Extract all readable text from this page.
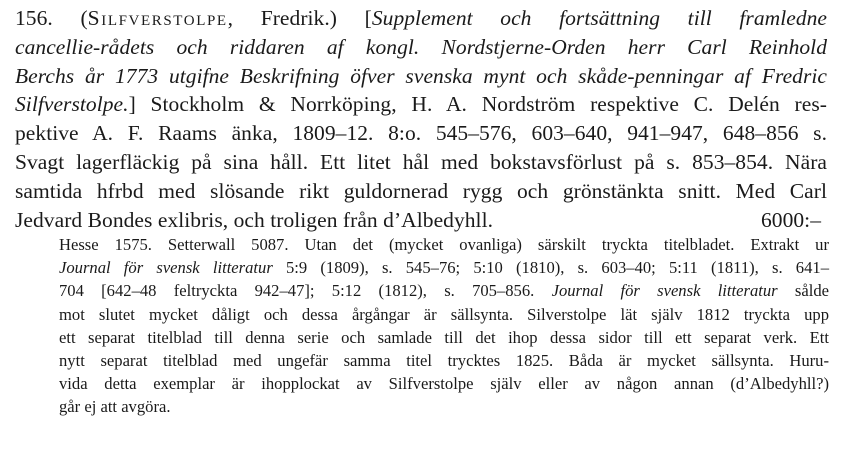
156. (Silfverstolpe, Fredrik.) [Supplement och fortsättning till framledne
cancellie-rådets och riddaren af kongl. Nordstjerne-Orden herr Carl Reinhold
Berchs år 1773 utgifne Beskrifning öfver svenska mynt och skåde-penningar af Fredric
Silfverstolpe.] Stockholm & Norrköping, H. A. Nordström respektive C. Delén res-
pektive A. F. Raams änka, 1809–12. 8:o. 545–576, 603–640, 941–947, 648–856 s.
Svagt lagerfläckig på sina håll. Ett litet hål med bokstavsförlust på s. 853–854. Nära
samtida hfrbd med slösande rikt guldornerad rygg och grönstänkta snitt. Med Carl
Jedvard Bondes exlibris, och troligen från d’Albedyhll.	6000:–
Hesse 1575. Setterwall 5087. Utan det (mycket ovanliga) särskilt tryckta titelbladet. Extrakt ur
Journal för svensk litteratur 5:9 (1809), s. 545–76; 5:10 (1810), s. 603–40; 5:11 (1811), s. 641–
704 [642–48 feltryckta 942–47]; 5:12 (1812), s. 705–856. Journal för svensk litteratur sålde
mot slutet mycket dåligt och dessa årgångar är sällsynta. Silverstolpe lät själv 1812 tryckta upp
ett separat titelblad till denna serie och samlade till det ihop dessa sidor till ett separat verk. Ett
nytt separat titelblad med ungefär samma titel trycktes 1825. Båda är mycket sällsynta. Huru-
vida detta exemplar är ihopplockat av Silfverstolpe själv eller av någon annan (d’Albedyhll?)
går ej att avgöra.
